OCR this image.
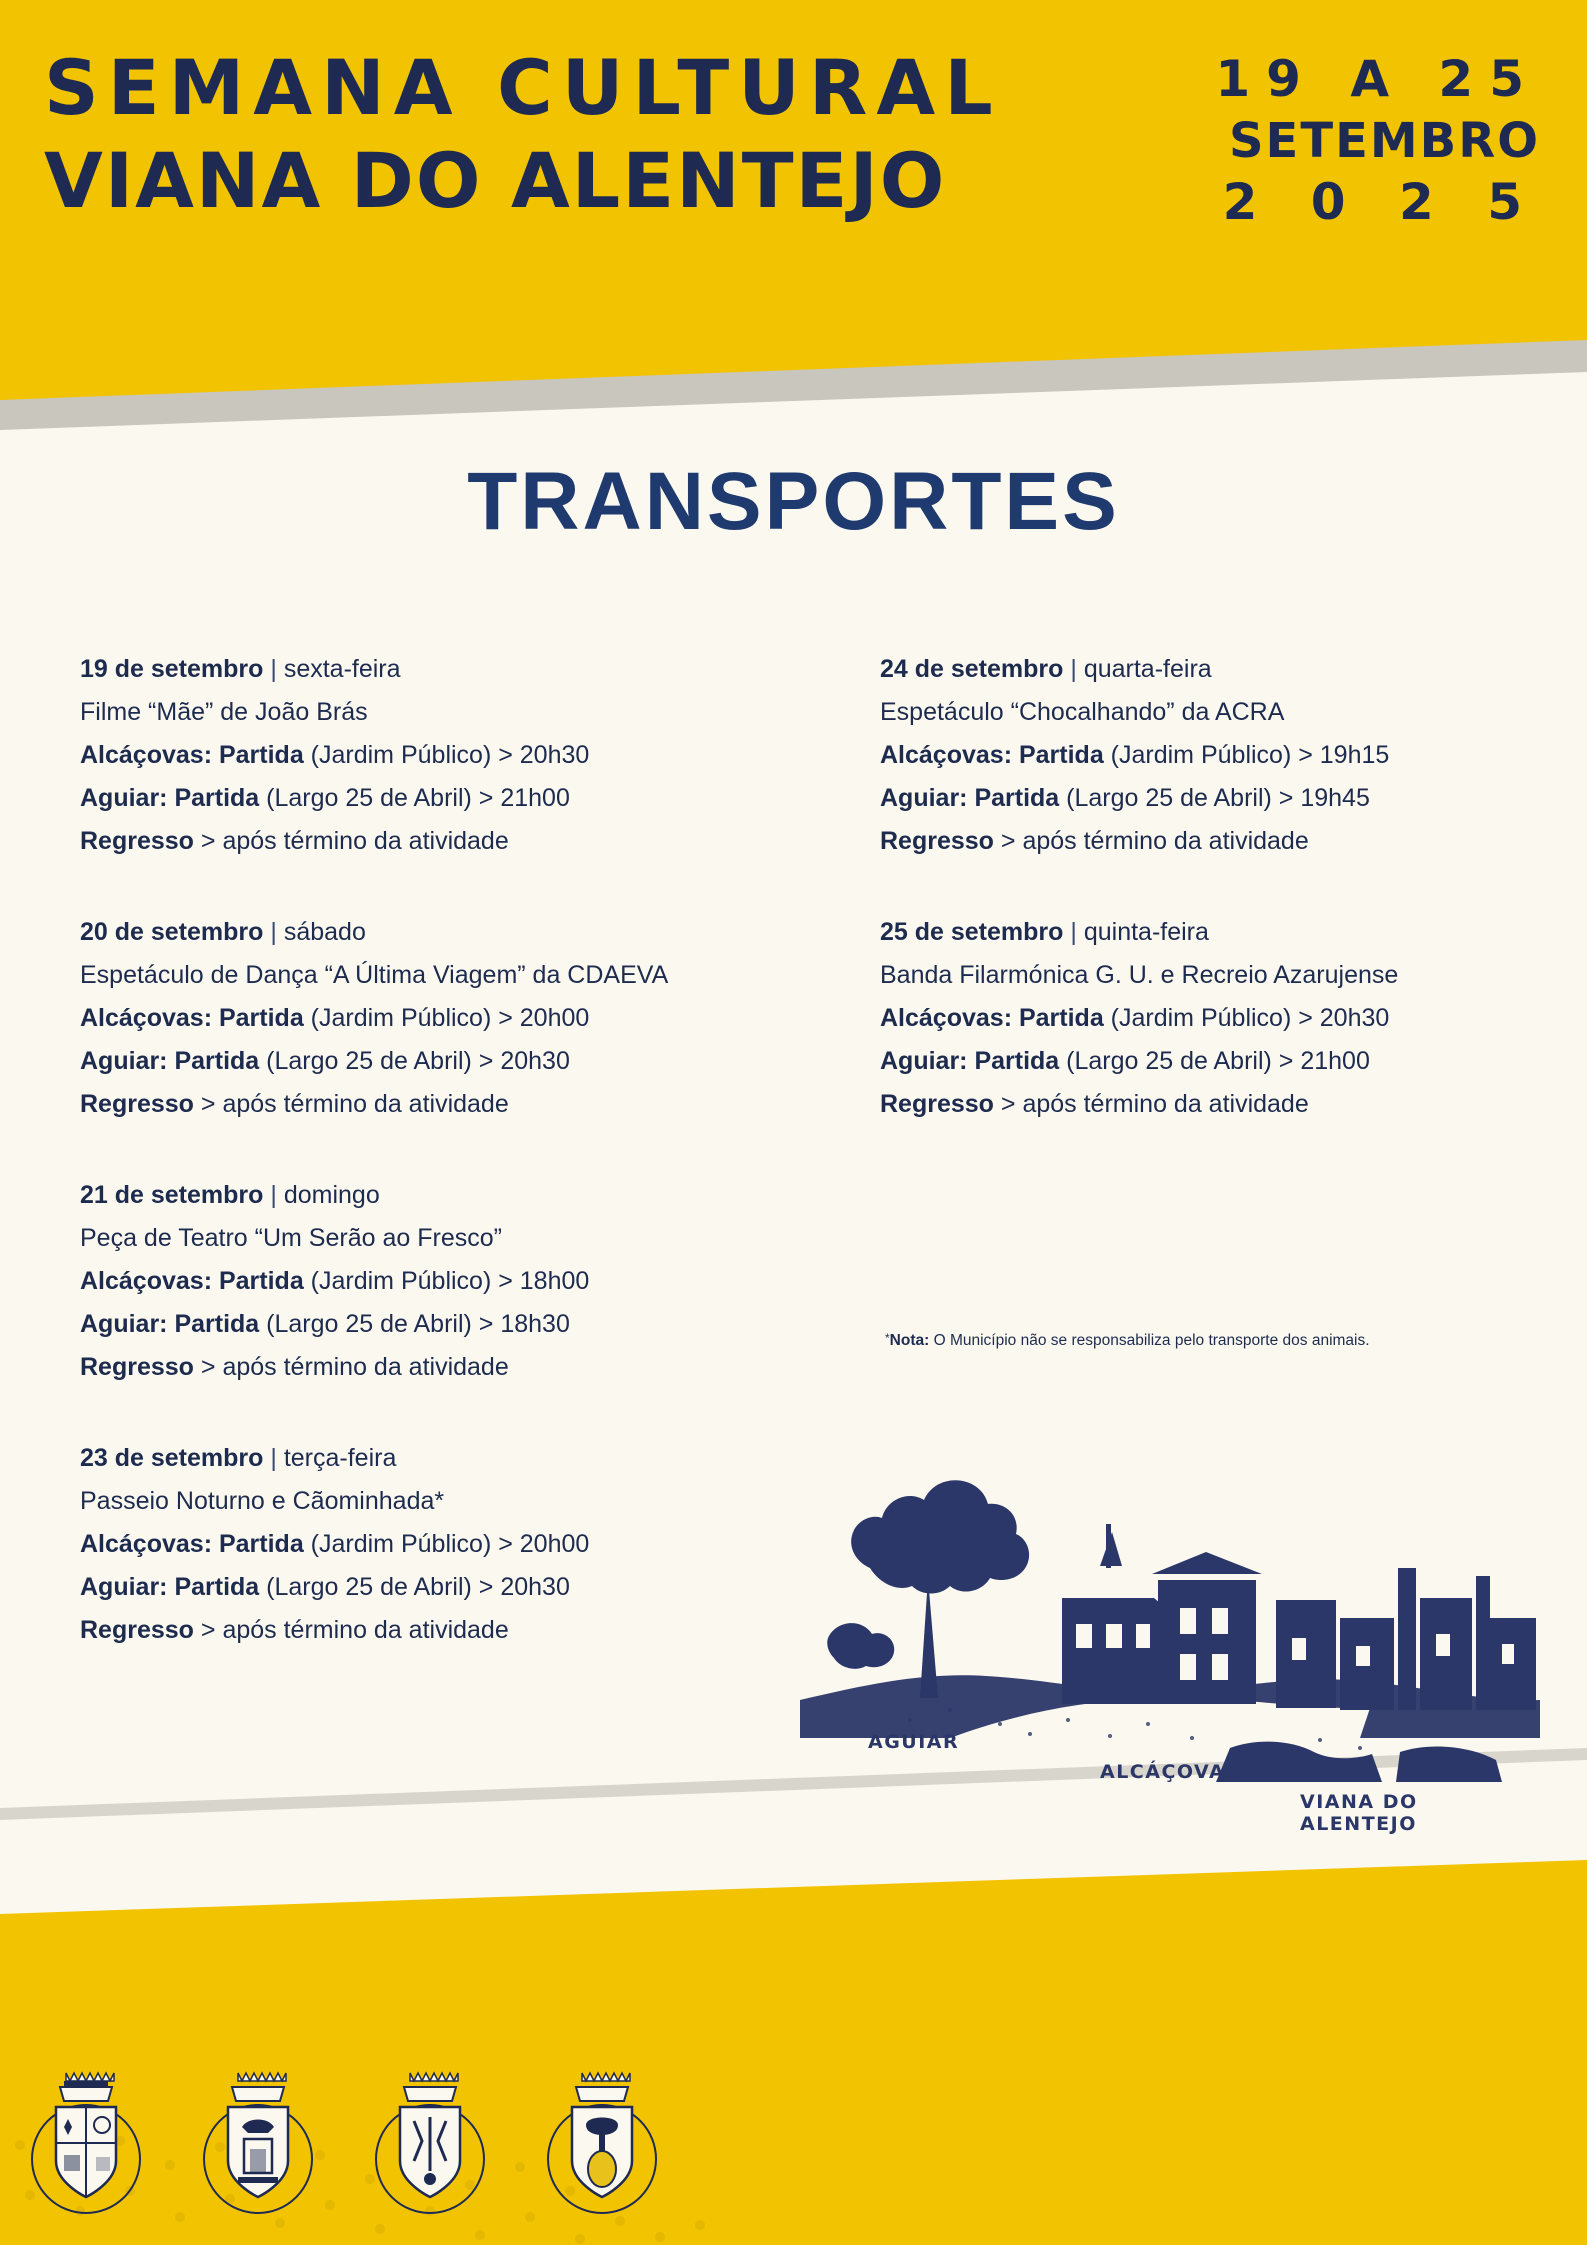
SEMANA CULTURAL
VIANA DO ALENTEJO
19 A 25
SETEMBRO
2 0 2 5
TRANSPORTES
19 de setembro | sexta-feira
Filme “Mãe” de João Brás
Alcáçovas: Partida (Jardim Público) > 20h30
Aguiar: Partida (Largo 25 de Abril) > 21h00
Regresso > após término da atividade
20 de setembro | sábado
Espetáculo de Dança “A Última Viagem” da CDAEVA
Alcáçovas: Partida (Jardim Público) > 20h00
Aguiar: Partida (Largo 25 de Abril) > 20h30
Regresso > após término da atividade
21 de setembro | domingo
Peça de Teatro “Um Serão ao Fresco”
Alcáçovas: Partida (Jardim Público) > 18h00
Aguiar: Partida (Largo 25 de Abril) > 18h30
Regresso > após término da atividade
23 de setembro | terça-feira
Passeio Noturno e Cãominhada*
Alcáçovas: Partida (Jardim Público) > 20h00
Aguiar: Partida (Largo 25 de Abril) > 20h30
Regresso > após término da atividade
24 de setembro | quarta-feira
Espetáculo “Chocalhando” da ACRA
Alcáçovas: Partida (Jardim Público) > 19h15
Aguiar: Partida (Largo 25 de Abril) > 19h45
Regresso > após término da atividade
25 de setembro | quinta-feira
Banda Filarmónica G. U. e Recreio Azarujense
Alcáçovas: Partida (Jardim Público) > 20h30
Aguiar: Partida (Largo 25 de Abril) > 21h00
Regresso > após término da atividade
*Nota: O Município não se responsabiliza pelo transporte dos animais.
AGUIAR
ALCÁÇOVAS
VIANA DO ALENTEJO
